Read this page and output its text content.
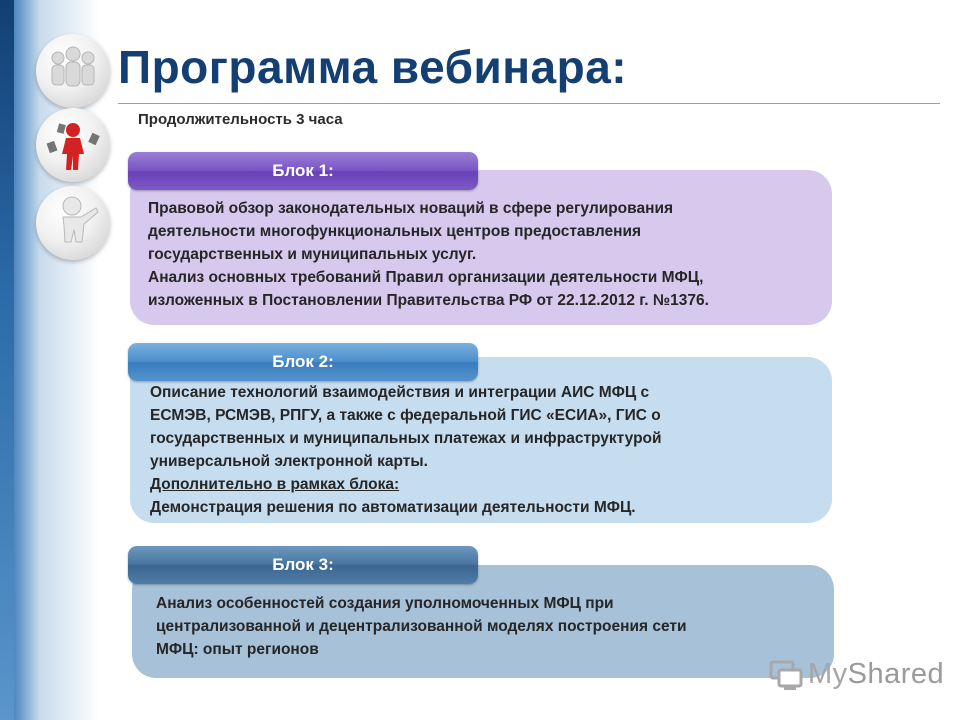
Программа вебинара:
Продолжительность 3 часа

Правовой обзор законодательных новаций в сфере регулирования

деятельности многофункциональных центров предоставления

государственных и муниципальных услуг.

Анализ основных требований Правил организации деятельности МФЦ,

изложенных в Постановлении Правительства РФ от 22.12.2012 г. №1376.

Блок 1:

Описание технологий взаимодействия и интеграции АИС МФЦ с

ЕСМЭВ, РСМЭВ, РПГУ, а также с федеральной ГИС «ЕСИА», ГИС о

государственных и муниципальных платежах и инфраструктурой

универсальной электронной карты.

Дополнительно в рамках блока:

Демонстрация решения по автоматизации деятельности МФЦ.

Блок 2:

Анализ особенностей создания уполномоченных МФЦ при

централизованной и децентрализованной моделях построения сети

МФЦ: опыт регионов

Блок 3:
MyShared
